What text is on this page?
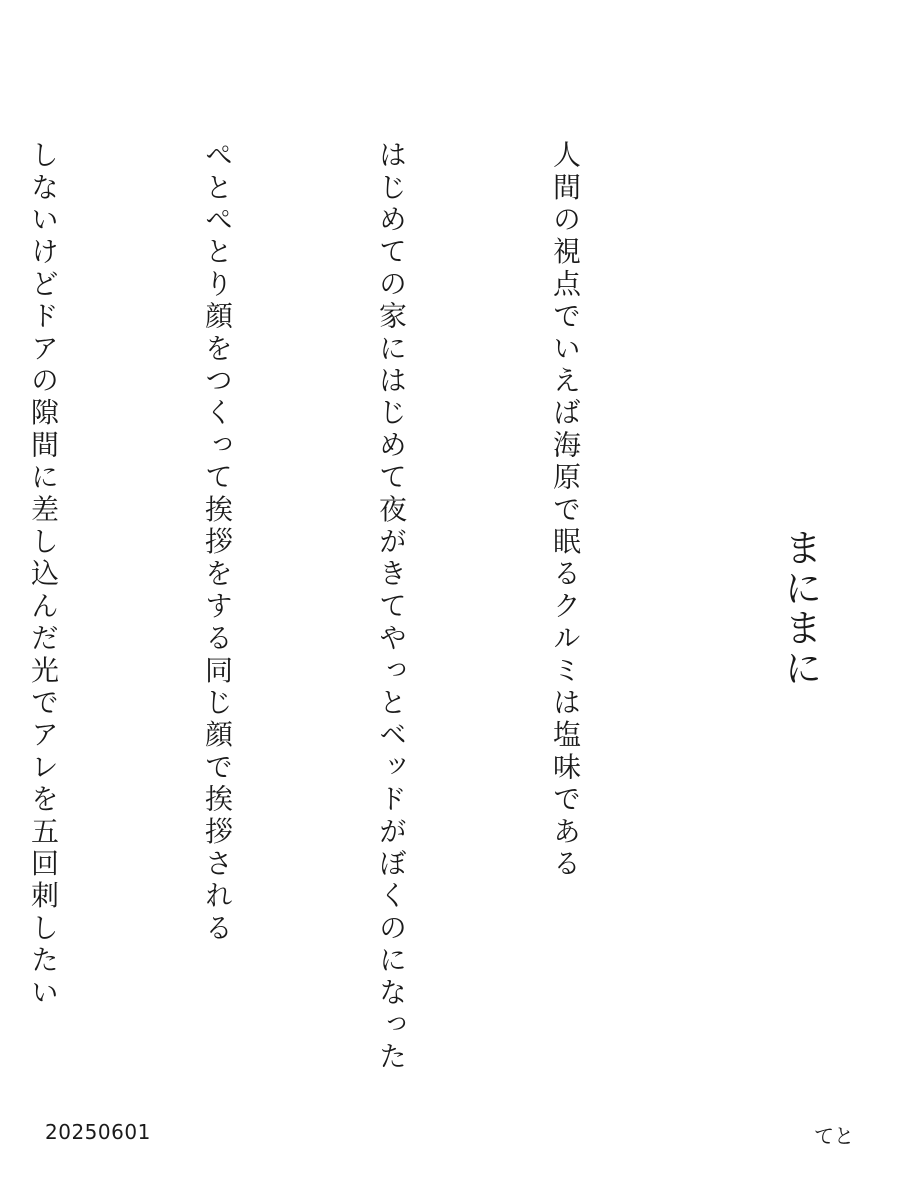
まにまに

人間の視点でいえば海原で眠るクルミは塩味である

はじめての家にはじめて夜がきてやっとベッドがぼくのになった

ぺとぺとり顔をつくって挨拶をする同じ顔で挨拶される

しないけどドアの隙間に差し込んだ光でアレを五回刺したい

20250601	てと
